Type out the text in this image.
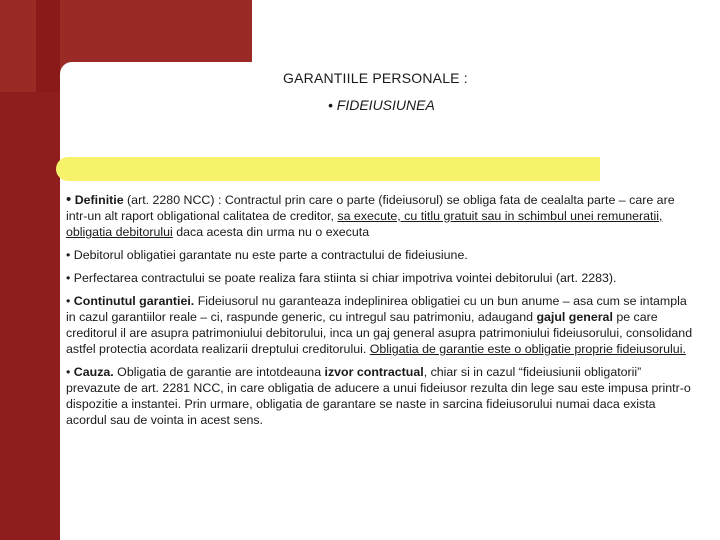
GARANTIILE PERSONALE :
• FIDEIUSIUNEA

• Definitie (art. 2280 NCC) : Contractul prin care o parte (fideiusorul) se obliga fata de cealalta parte – care are intr-un alt raport obligational calitatea de creditor, sa execute, cu titlu gratuit sau in schimbul unei remuneratii, obligatia debitorului daca acesta din urma nu o executa

• Debitorul obligatiei garantate nu este parte a contractului de fideiusiune.

• Perfectarea contractului se poate realiza fara stiinta si chiar impotriva vointei debitorului (art. 2283).

• Continutul garantiei. Fideiusorul nu garanteaza indeplinirea obligatiei cu un bun anume – asa cum se intampla in cazul garantiilor reale – ci, raspunde generic, cu intregul sau patrimoniu, adaugand gajul general pe care creditorul il are asupra patrimoniului debitorului, inca un gaj general asupra patrimoniului fideiusorului, consolidand astfel protectia acordata realizarii dreptului creditorului. Obligatia de garantie este o obligatie proprie fideiusorului.

• Cauza. Obligatia de garantie are intotdeauna izvor contractual, chiar si in cazul “fideiusiunii obligatorii” prevazute de art. 2281 NCC, in care obligatia de aducere a unui fideiusor rezulta din lege sau este impusa printr-o dispozitie a instantei. Prin urmare, obligatia de garantare se naste in sarcina fideiusorului numai daca exista acordul sau de vointa in acest sens.
